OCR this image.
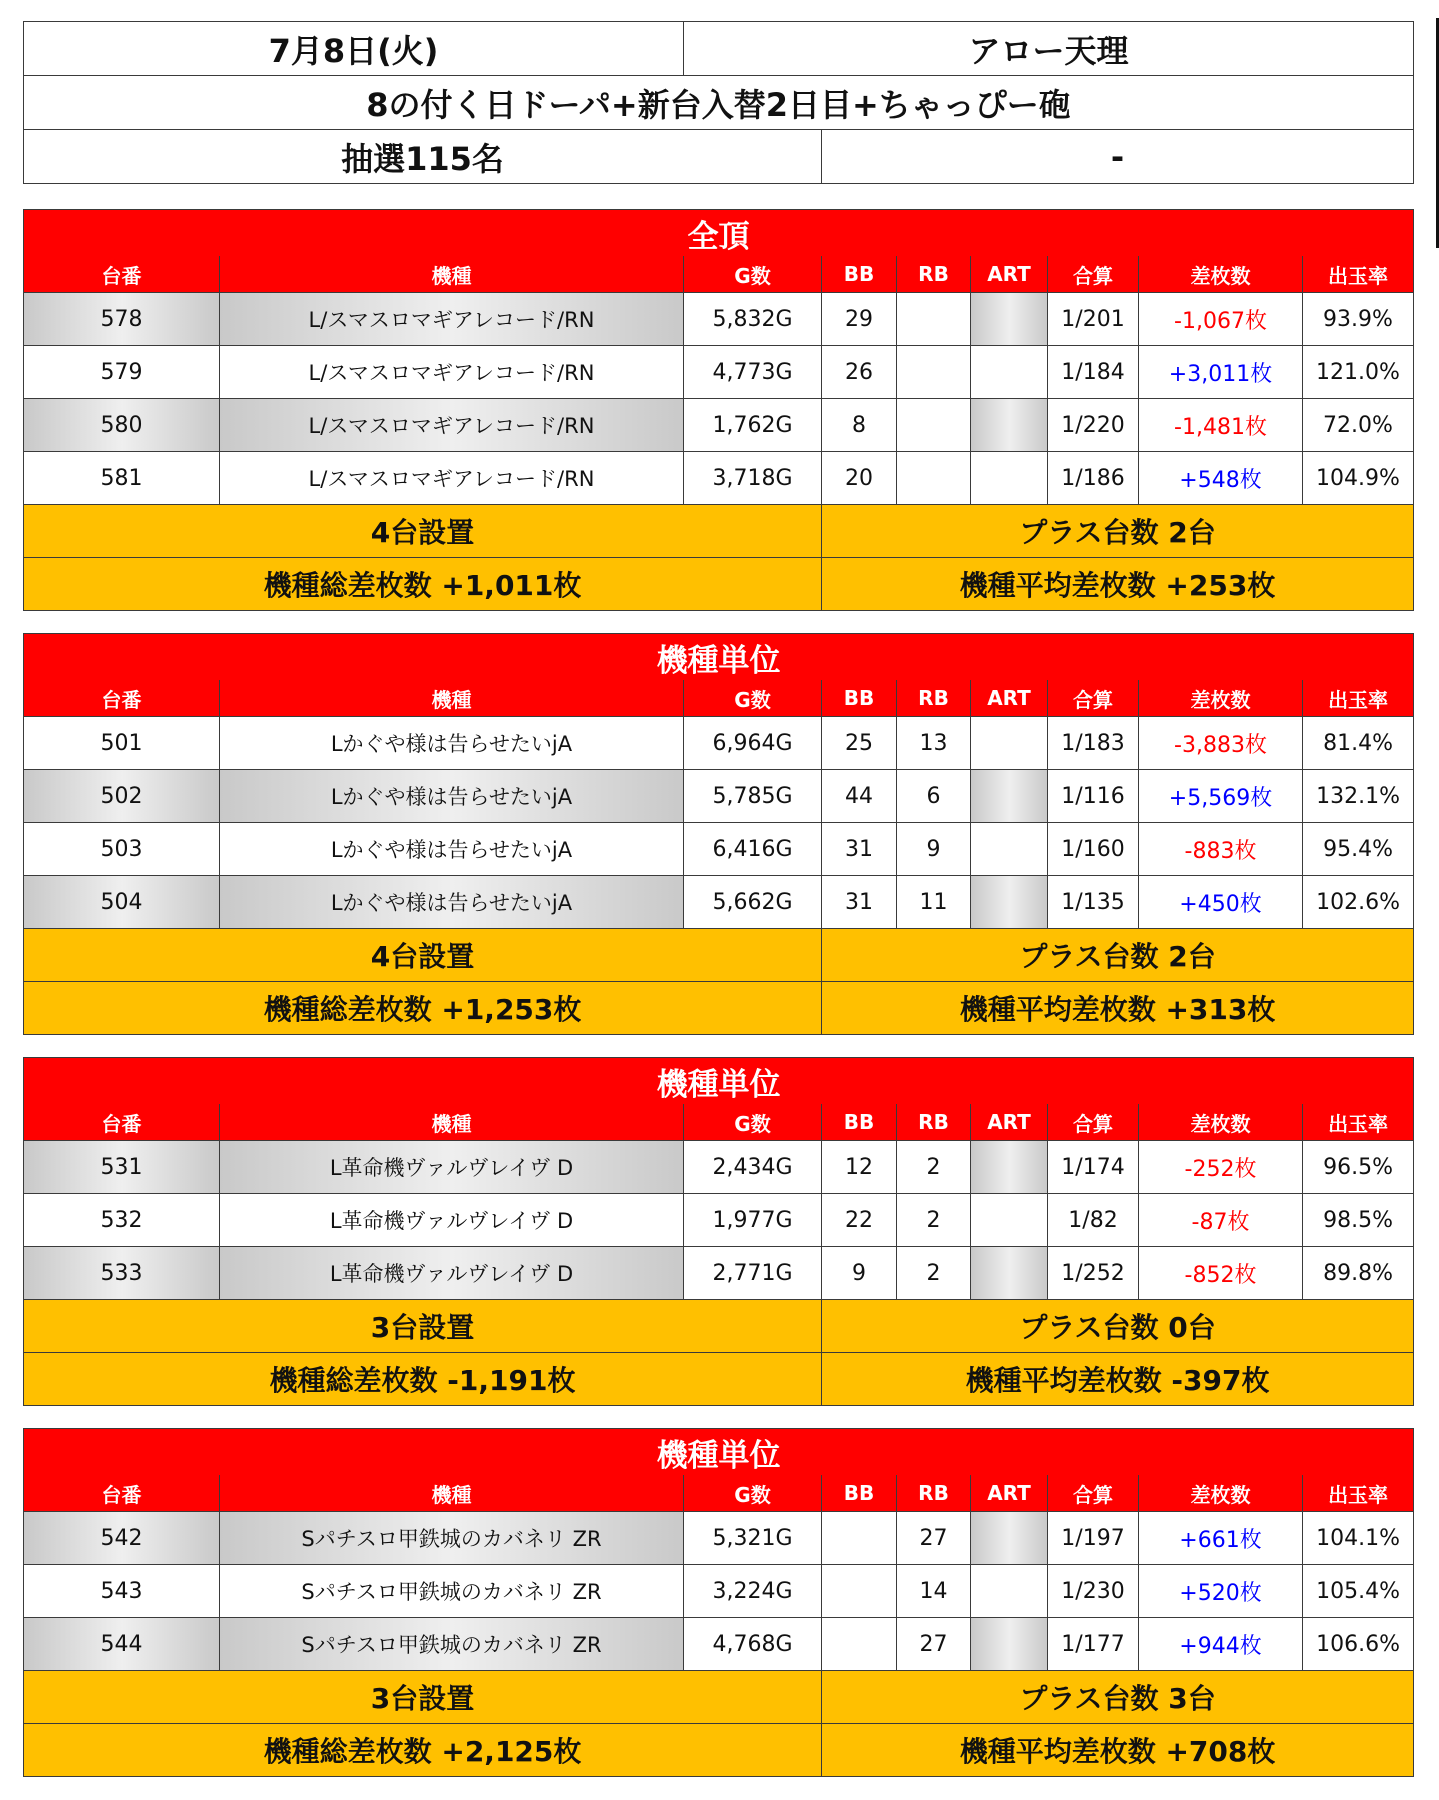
7月8日(火)	アロー天理	
8の付く日ドーパ+新台入替2日目+ちゃっぴー砲		
抽選115名		-
全頂								
台番	機種	G数	BB	RB	ART	合算	差枚数	出玉率
578	L/スマスロマギアレコード/RN	5,832G	29			1/201	-1,067枚	93.9%
579	L/スマスロマギアレコード/RN	4,773G	26			1/184	+3,011枚	121.0%
580	L/スマスロマギアレコード/RN	1,762G	8			1/220	-1,481枚	72.0%
581	L/スマスロマギアレコード/RN	3,718G	20			1/186	+548枚	104.9%
4台設置			プラス台数 2台					
機種総差枚数 +1,011枚			機種平均差枚数 +253枚					
機種単位								
台番	機種	G数	BB	RB	ART	合算	差枚数	出玉率
501	Lかぐや様は告らせたいjA	6,964G	25	13		1/183	-3,883枚	81.4%
502	Lかぐや様は告らせたいjA	5,785G	44	6		1/116	+5,569枚	132.1%
503	Lかぐや様は告らせたいjA	6,416G	31	9		1/160	-883枚	95.4%
504	Lかぐや様は告らせたいjA	5,662G	31	11		1/135	+450枚	102.6%
4台設置			プラス台数 2台					
機種総差枚数 +1,253枚			機種平均差枚数 +313枚					
機種単位								
台番	機種	G数	BB	RB	ART	合算	差枚数	出玉率
531	L革命機ヴァルヴレイヴ D	2,434G	12	2		1/174	-252枚	96.5%
532	L革命機ヴァルヴレイヴ D	1,977G	22	2		1/82	-87枚	98.5%
533	L革命機ヴァルヴレイヴ D	2,771G	9	2		1/252	-852枚	89.8%
3台設置			プラス台数 0台					
機種総差枚数 -1,191枚			機種平均差枚数 -397枚					
機種単位								
台番	機種	G数	BB	RB	ART	合算	差枚数	出玉率
542	Sパチスロ甲鉄城のカバネリ ZR	5,321G		27		1/197	+661枚	104.1%
543	Sパチスロ甲鉄城のカバネリ ZR	3,224G		14		1/230	+520枚	105.4%
544	Sパチスロ甲鉄城のカバネリ ZR	4,768G		27		1/177	+944枚	106.6%
3台設置			プラス台数 3台					
機種総差枚数 +2,125枚			機種平均差枚数 +708枚					
